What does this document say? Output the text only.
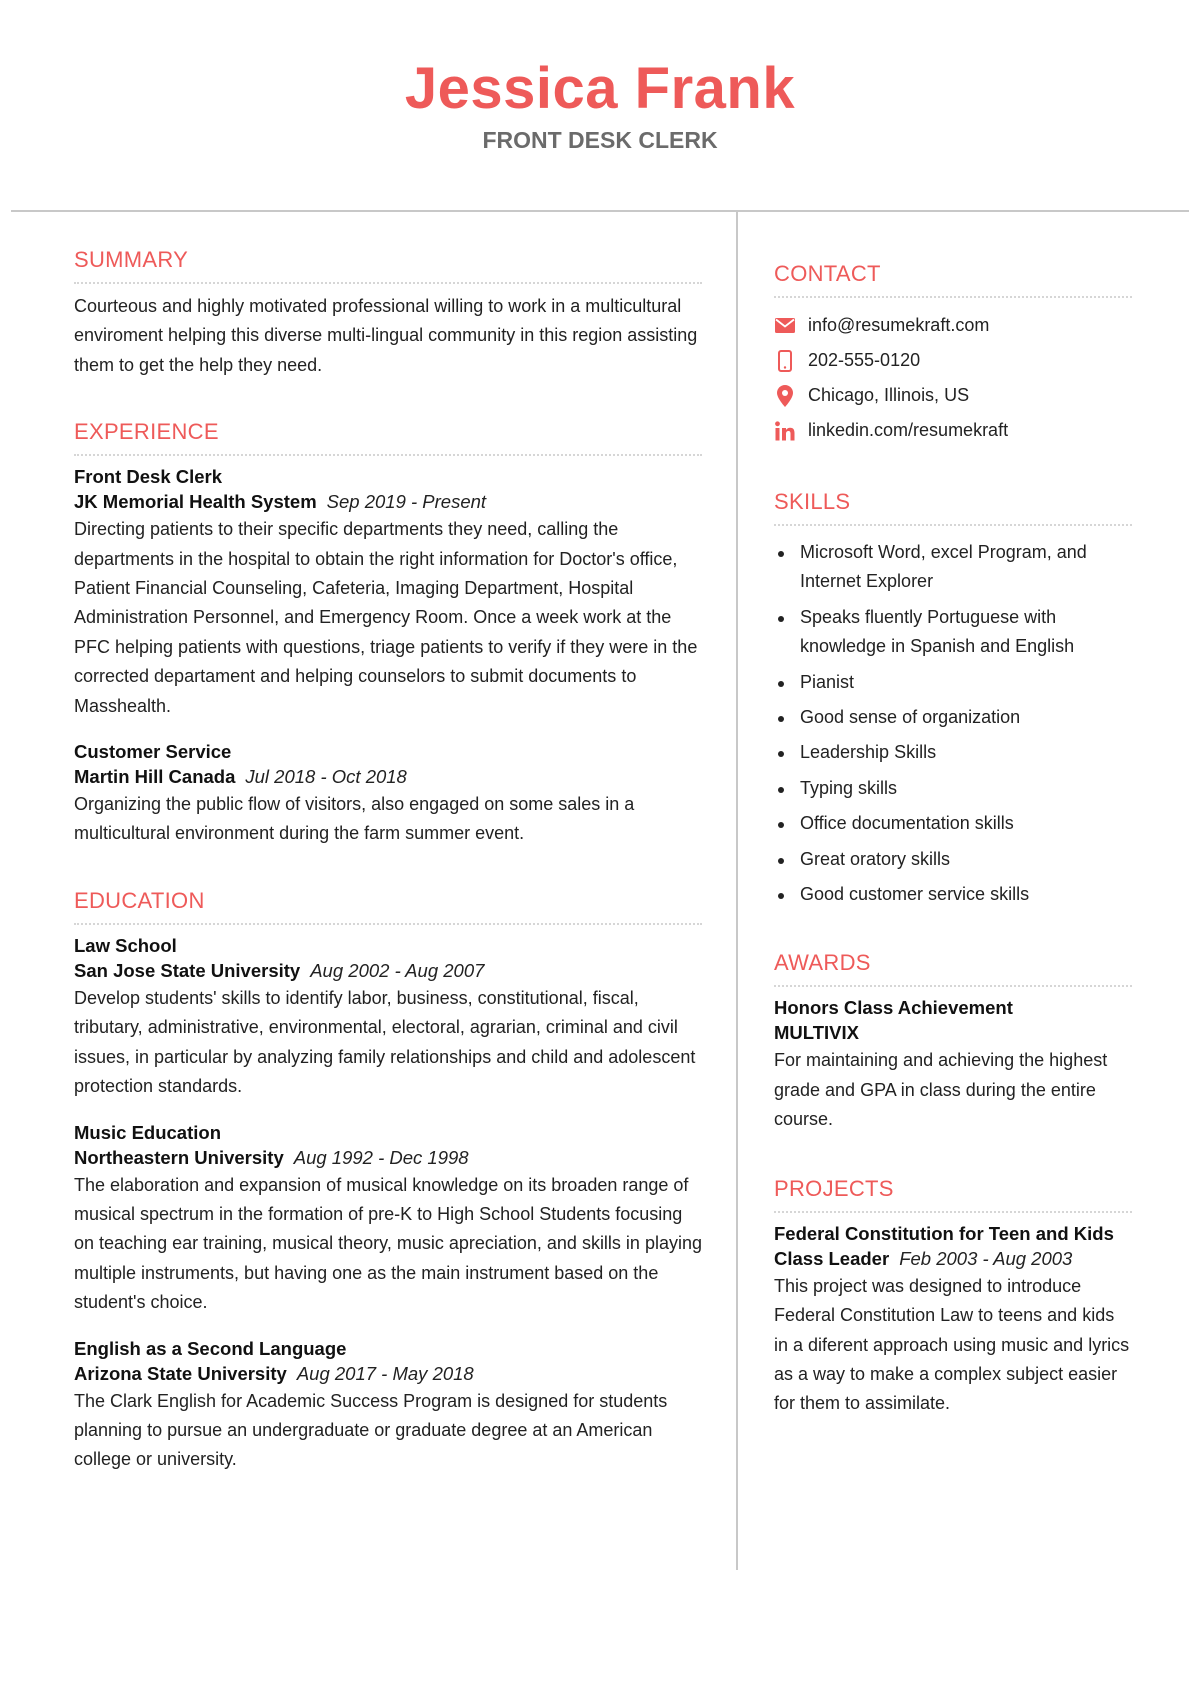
Jessica Frank
FRONT DESK CLERK
SUMMARY

Courteous and highly motivated professional willing to work in a multicultural enviroment helping this diverse multi-lingual community in this region assisting them to get the help they need.

EXPERIENCE

Front Desk Clerk

JK Memorial Health System Sep 2019 - Present

Directing patients to their specific departments they need, calling the departments in the hospital to obtain the right information for Doctor's office, Patient Financial Counseling, Cafeteria, Imaging Department, Hospital Administration Personnel, and Emergency Room. Once a week work at the PFC helping patients with questions, triage patients to verify if they were in the corrected departament and helping counselors to submit documents to Masshealth.

Customer Service

Martin Hill Canada Jul 2018 - Oct 2018

Organizing the public flow of visitors, also engaged on some sales in a multicultural environment during the farm summer event.

EDUCATION

Law School

San Jose State University Aug 2002 - Aug 2007

Develop students' skills to identify labor, business, constitutional, fiscal, tributary, administrative, environmental, electoral, agrarian, criminal and civil issues, in particular by analyzing family relationships and child and adolescent protection standards.

Music Education

Northeastern University Aug 1992 - Dec 1998

The elaboration and expansion of musical knowledge on its broaden range of musical spectrum in the formation of pre-K to High School Students focusing on teaching ear training, musical theory, music apreciation, and skills in playing multiple instruments, but having one as the main instrument based on the student's choice.

English as a Second Language

Arizona State University Aug 2017 - May 2018

The Clark English for Academic Success Program is designed for students planning to pursue an undergraduate or graduate degree at an American college or university.

CONTACT
info@resumekraft.com
202-555-0120
Chicago, Illinois, US
linkedin.com/resumekraft
SKILLS
Microsoft Word, excel Program, and Internet Explorer
Speaks fluently Portuguese with knowledge in Spanish and English
Pianist
Good sense of organization
Leadership Skills
Typing skills
Office documentation skills
Great oratory skills
Good customer service skills
AWARDS

Honors Class Achievement

MULTIVIX

For maintaining and achieving the highest grade and GPA in class during the entire course.

PROJECTS

Federal Constitution for Teen and Kids

Class Leader Feb 2003 - Aug 2003

This project was designed to introduce Federal Constitution Law to teens and kids in a diferent approach using music and lyrics as a way to make a complex subject easier for them to assimilate.
